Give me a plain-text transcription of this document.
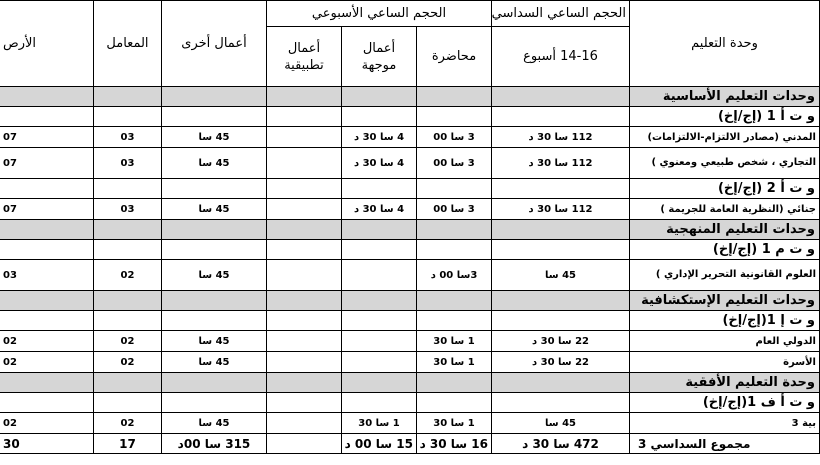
وحدة التعليم	الحجم الساعي السداسي	الحجم الساعي الأسبوعي			أعمال أخرى	المعامل	الأرص
	14-16 أسبوع	محاضرة	أعمال موجهة	أعمال تطبيقية			
وحدات التعليم الأساسية							
و ت أ 1 (إج/إخ)							
المدني (مصادر الالتزام-الالتزامات)	112 سا 30 د	3 سا 00	4 سا 30 د		45 سا	03	07
التجاري ، شخص طبيعي ومعنوي )	112 سا 30 د	3 سا 00	4 سا 30 د		45 سا	03	07
و ت أ 2 (إج/إخ)							
جنائي (النظرية العامة للجريمة )	112 سا 30 د	3 سا 00	4 سا 30 د		45 سا	03	07
وحدات التعليم المنهجية							
و ت م 1 (إج/إخ)							
العلوم القانونية التحرير الإداري )	45 سا	3سا 00 د			45 سا	02	03
وحدات التعليم الإستكشافية							
و ت إ 1(إج/إخ)							
الدولي العام	22 سا 30 د	1 سا 30			45 سا	02	02
الأسرة	22 سا 30 د	1 سا 30			45 سا	02	02
وحدة التعليم الأفقية							
و ت أ ف 1(إج/إخ)							
بية 3	45 سا	1 سا 30	1 سا 30		45 سا	02	02
مجموع السداسي 3	472 سا 30 د	16 سا 30 د	15 سا 00 د		315 سا 00د	17	30
